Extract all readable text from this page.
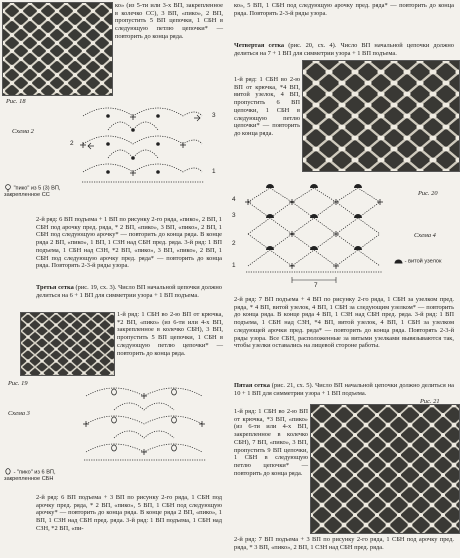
ко» (из 5-ти или 3-х ВП, закрепленное в колечко СС), 3 ВП, «пико», 2 ВП, пропустить 5 ВП цепочки, 1 СБН в следующую петлю цепочки* — повторить до конца ряда.

Рис. 18
Схема 2
3
2
1
"пико" из 5 (3) ВП,
закрепленное СС

2-й ряд: 6 ВП подъема + 1 ВП по рисунку 2-го ряда, «пико», 2 ВП, 1 СБН под арочку пред. ряда, * 2 ВП, «пико», 3 ВП, «пико», 2 ВП, 1 СБН под следующую арочку* — повторить до конца ряда. В конце ряда 2 ВП, «пико», 1 ВП, 1 СЗН над СБН пред. ряда. 3-й ряд: 1 ВП подъема, 1 СБН над СЗН, *2 ВП, «пико», 3 ВП, «пико», 2 ВП, 1 СБН под следующую арочку пред. ряда* — повторить до конца ряда. Повторять 2-3-й ряды узора.

Третья сетка (рис. 19, сх. 3). Число ВП начальной цепочки должно делиться на 6 + 1 ВП для симметрии узора + 1 ВП подъема.

1-й ряд: 1 СБН во 2-ю ВП от крючка, *2 ВП, «пико» (из 6-ти или 4-х ВП, закрепленное в колечко СБН), 3 ВП, пропустить 5 ВП цепочки, 1 СБН в следующую петлю цепочки* — повторить до конца ряда.

Рис. 19
Схема 3
- "пико" из 6 ВП,
закрепленное СБН

2-й ряд: 6 ВП подъема + 3 ВП по рисунку 2-го ряда, 1 СБН под арочку пред. ряда, * 2 ВП, «пико», 5 ВП, 1 СБН под следующую арочку* — повторить до конца ряда. В конце ряда 2 ВП, «пико», 1 ВП, 1 СЗН над СБН пред. ряда. 3-й ряд: 1 ВП подъема, 1 СБН над СЗН, *2 ВП, «пи-

ко», 5 ВП, 1 СБН под следующую арочку пред. ряда* — повторить до конца ряда. Повторять 2-3-й ряды узора.

Четвертая сетка (рис. 20, сх. 4). Число ВП начальной цепочки должно делиться на 7 + 1 ВП для симметрии узора + 1 ВП подъема.

1-й ряд: 1 СБН во 2-ю ВП от крючка, *4 ВП, витой узелок, 4 ВП, пропустить 6 ВП цепочки, 1 СБН в следующую петлю цепочки* — повторить до конца ряда.

Рис. 20
Схема 4
4
3
2
1
7
- витой узелок

2-й ряд: 7 ВП подъема + 4 ВП по рисунку 2-го ряда, 1 СБН за узелком пред. ряда, * 4 ВП, витой узелок, 4 ВП, 1 СБН за следующим узелком* — повторить до конца ряда. В конце ряда 4 ВП, 1 СЗН над СБН пред. ряда. 3-й ряд: 1 ВП подъема, 1 СБН над СЗН, *4 ВП, витой узелок, 4 ВП, 1 СБН за узелком следующей арочки пред. ряда* — повторить до конца ряда. Повторять 2-3-й ряды узора. Все СБН, расположенные за витыми узелками вывязываются так, чтобы узелки оставались на лицевой стороне работы.

Пятая сетка (рис. 21, сх. 5). Число ВП начальной цепочки должно делиться на 10 + 1 ВП для симметрии узора + 1 ВП подъема.

1-й ряд: 1 СБН во 2-ю ВП от крючка, *3 ВП, «пико» (из 6-ти или 4-х ВП, закрепленное в колечко СБН), 7 ВП, «пико», 3 ВП, пропустить 9 ВП цепочки, 1 СБН в следующую петлю цепочки* — повторить до конца ряда.

Рис. 21

2-й ряд: 7 ВП подъема + 3 ВП по рисунку 2-го ряда, 1 СБН под арочку пред. ряда, * 3 ВП, «пико», 2 ВП, 1 СЗН над СБН пред. ряда.
